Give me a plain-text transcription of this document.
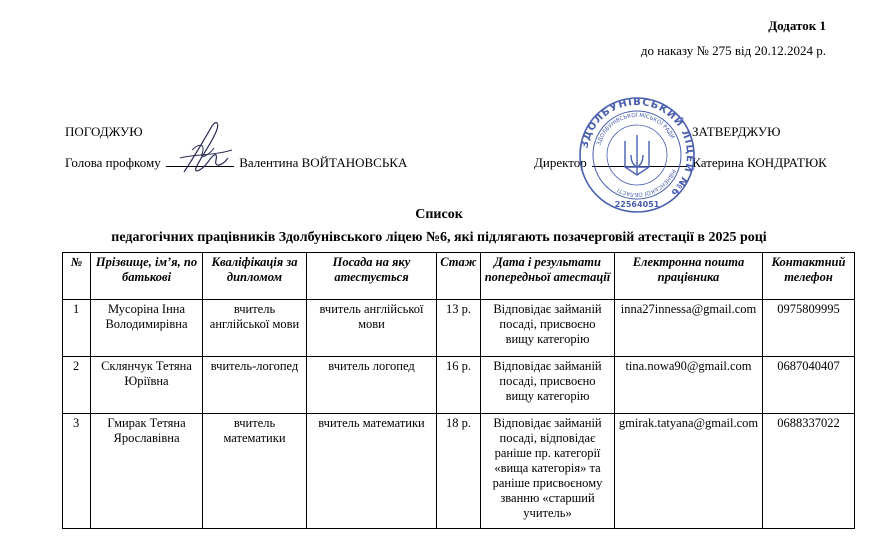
Додаток 1
до наказу № 275 від 20.12.2024 р.
ПОГОДЖУЮ	ЗАТВЕРДЖУЮ
Голова профкому	Валентина ВОЙТАНОВСЬКА	Директор	Катерина КОНДРАТЮК
ЗДОЛБУНІВСЬКИЙ ЛІЦЕЙ №6
ЗДОЛБУНІВСЬКОЇ МІСЬКОЇ РАДИ
РІВНЕНСЬКОЇ ОБЛАСТІ
22564051
Список
педагогічних працівників Здолбунівського ліцею №6, які підлягають позачерговій атестації в 2025 році
№	Прізвище, ім’я, по батькові	Кваліфікація за дипломом	Посада на яку атестується	Стаж	Дата і результати попередньої атестації	Електронна пошта працівника	Контактний телефон
1	Мусоріна Інна Володимирівна	вчитель англійської мови	вчитель англійської мови	13 р.	Відповідає займаній посаді, присвоєно вищу категорію	inna27innessa@gmail.com	0975809995
2	Склянчук Тетяна Юріївна	вчитель-логопед	вчитель логопед	16 р.	Відповідає займаній посаді, присвоєно вищу категорію	tina.nowa90@gmail.com	0687040407
3	Гмирак Тетяна Ярославівна	вчитель математики	вчитель математики	18 р.	Відповідає займаній посаді, відповідає раніше пр. категорії «вища категорія» та раніше присвоєному званню «старший учитель»	gmirak.tatyana@gmail.com	0688337022
